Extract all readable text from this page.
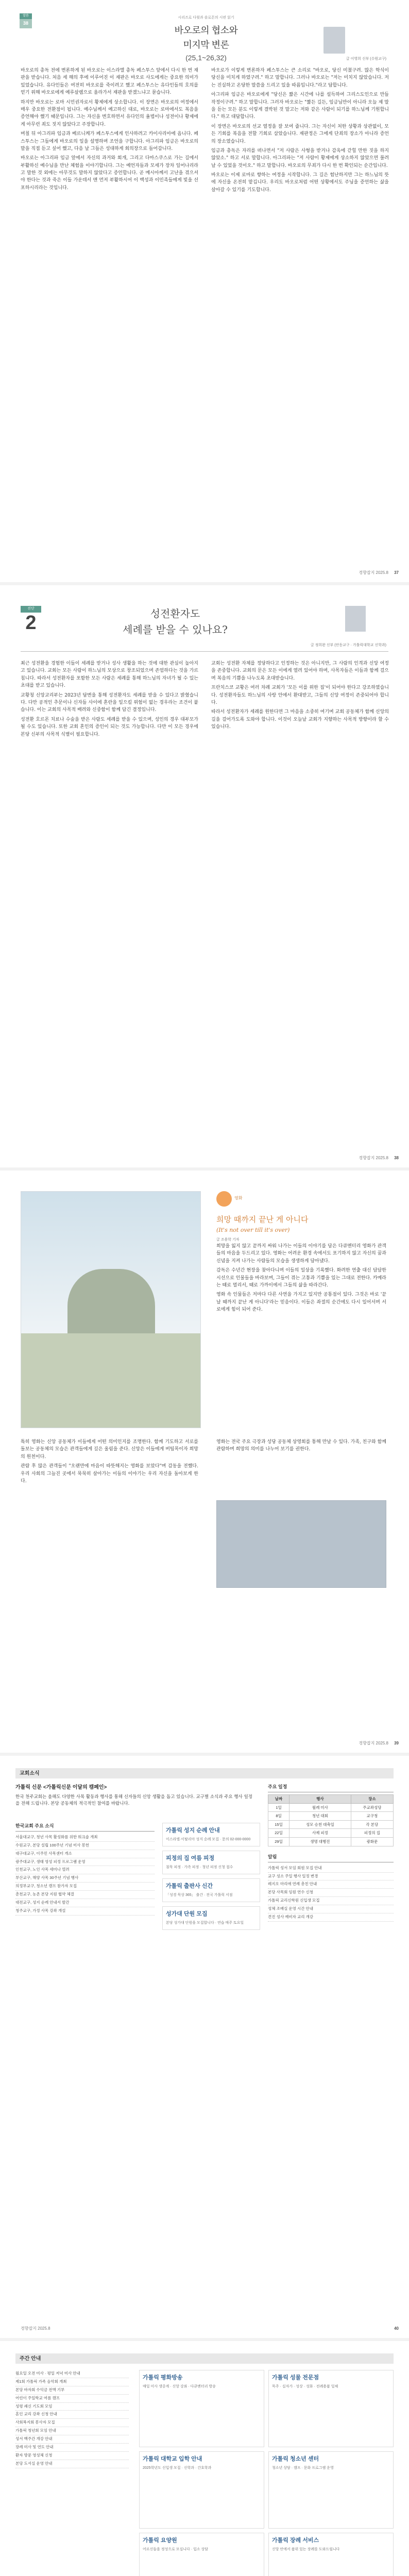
말씀
38
시리즈로 다윗과 솔로몬의 시편 읽기
바오로의 협소와
미지막 변론
(25,1~26,32)	글 이영희 신부 (수원교구)

바오로의 총독 전에 변론하게 된 바오로는 이스라엘 총독 페스투스 앞에서 다시 한 번 재판을 받습니다. 처음 세 해의 후에 이루어진 이 재판은 바오로 사도에게는 중요한 의미가 있었습니다. 유다인들은 여전히 바오로를 죽이려고 했고 페스투스는 유다인들의 호의를 얻기 위해 바오로에게 예루살렘으로 올라가서 재판을 받겠느냐고 묻습니다.

하지만 바오로는 로마 시민권자로서 황제에게 상소합니다. 이 장면은 바오로의 여정에서 매우 중요한 전환점이 됩니다. 예수님께서 예고하신 대로, 바오로는 로마에서도 복음을 증언해야 했기 때문입니다. 그는 자신을 변호하면서 유다인의 율법이나 성전이나 황제에게 아무런 죄도 짓지 않았다고 주장합니다.

며칠 뒤 아그리파 임금과 베르니케가 페스투스에게 인사하려고 카이사리아에 옵니다. 페스투스는 그들에게 바오로의 일을 설명하며 조언을 구합니다. 아그리파 임금은 바오로의 말을 직접 듣고 싶어 했고, 다음 날 그들은 성대하게 회의장으로 들어갑니다.

바오로는 아그리파 임금 앞에서 자신의 과거와 회개, 그리고 다마스쿠스로 가는 길에서 부활하신 예수님을 만난 체험을 이야기합니다. 그는 예언자들과 모세가 장차 일어나리라고 말한 것 외에는 아무것도 말하지 않았다고 증언합니다. 곧 메시아께서 고난을 겪으셔야 한다는 것과 죽은 이들 가운데서 맨 먼저 부활하시어 이 백성과 이민족들에게 빛을 선포하시리라는 것입니다.

바오로가 이렇게 변론하자 페스투스는 큰 소리로 "바오로, 당신 미쳤구려. 많은 학식이 당신을 미치게 하였구려." 하고 말합니다. 그러나 바오로는 "저는 미치지 않았습니다. 저는 진실하고 온당한 말씀을 드리고 있을 따름입니다."라고 답합니다.

아그리파 임금은 바오로에게 "당신은 짧은 시간에 나를 설득하여 그리스도인으로 만들 작정이구려." 하고 말합니다. 그러자 바오로는 "짧든 길든, 임금님만이 아니라 오늘 제 말을 듣는 모든 분도 이렇게 결박된 것 말고는 저와 같은 사람이 되기를 하느님께 기원합니다." 하고 대답합니다.

이 장면은 바오로의 선교 열정을 잘 보여 줍니다. 그는 자신이 처한 상황과 상관없이, 모든 기회를 복음을 전할 기회로 삼았습니다. 재판정은 그에게 단죄의 장소가 아니라 증언의 장소였습니다.

임금과 총독은 자리를 떠나면서 "저 사람은 사형을 받거나 감옥에 갇힐 만한 짓을 하지 않았소." 하고 서로 말합니다. 아그리파는 "저 사람이 황제에게 상소하지 않았으면 풀려날 수 있었을 것이오." 하고 말합니다. 바오로의 무죄가 다시 한 번 확인되는 순간입니다.

바오로는 이제 로마로 향하는 여정을 시작합니다. 그 길은 험난하지만 그는 하느님의 뜻에 자신을 온전히 맡깁니다. 우리도 바오로처럼 어떤 상황에서도 주님을 증언하는 삶을 살아갈 수 있기를 기도합니다.

경향잡지 2025.8 37
진단
2	성전환자도
세례를 받을 수 있나요?
글 정희완 신부 (안동교구 · 가톨릭대학교 신학과)

최근 성전환을 경험한 이들이 세례를 받거나 성사 생활을 하는 것에 대한 관심이 높아지고 있습니다. 교회는 모든 사람이 하느님의 모상으로 창조되었으며 존엄하다는 것을 가르칩니다. 따라서 성전환자를 포함한 모든 사람은 세례를 통해 하느님의 자녀가 될 수 있는 초대를 받고 있습니다.

교황청 신앙교리부는 2023년 답변을 통해 성전환자도 세례를 받을 수 있다고 밝혔습니다. 다만 공적인 추문이나 신자들 사이에 혼란을 일으킬 위험이 없는 경우라는 조건이 붙습니다. 이는 교회의 사목적 배려와 신중함이 함께 담긴 결정입니다.

성전환 호르몬 치료나 수술을 받은 사람도 세례를 받을 수 있으며, 성인의 경우 대부모가 될 수도 있습니다. 또한 교회 혼인의 증인이 되는 것도 가능합니다. 다만 이 모든 경우에 본당 신부의 사목적 식별이 필요합니다.

교회는 성전환 자체를 정당하다고 인정하는 것은 아니지만, 그 사람의 인격과 신앙 여정을 존중합니다. 교회의 문은 모든 이에게 열려 있어야 하며, 사목자들은 이들과 함께 걸으며 복음의 기쁨을 나누도록 초대받습니다.

프란치스코 교황은 여러 차례 교회가 '모든 이를 위한 집'이 되어야 한다고 강조하였습니다. 성전환자들도 하느님의 사랑 안에서 환대받고, 그들의 신앙 여정이 존중되어야 합니다.

따라서 성전환자가 세례를 원한다면 그 마음을 소중히 여기며 교회 공동체가 함께 신앙의 길을 걸어가도록 도와야 합니다. 이것이 오늘날 교회가 지향하는 사목적 방향이라 할 수 있습니다.

경향잡지 2025.8 38
영화
희망 때까지 끝난 게 아니다
(It's not over till it's over)
글 조용학 기자

희망을 잃지 않고 끝까지 싸워 나가는 이들의 이야기를 담은 다큐멘터리 영화가 관객들의 마음을 두드리고 있다. 영화는 어려운 환경 속에서도 포기하지 않고 자신의 꿈과 신념을 지켜 나가는 사람들의 모습을 생생하게 담아냈다.

감독은 수년간 현장을 찾아다니며 이들의 일상을 기록했다. 화려한 연출 대신 담담한 시선으로 인물들을 바라보며, 그들이 겪는 고통과 기쁨을 있는 그대로 전한다. 카메라는 때로 멀리서, 때로 가까이에서 그들의 삶을 따라간다.

영화 속 인물들은 저마다 다른 사연을 가지고 있지만 공통점이 있다. 그것은 바로 '끝날 때까지 끝난 게 아니다'라는 믿음이다. 이들은 좌절의 순간에도 다시 일어서며 서로에게 힘이 되어 준다.

특히 영화는 신앙 공동체가 이들에게 어떤 의미인지를 조명한다. 함께 기도하고 서로를 돌보는 공동체의 모습은 관객들에게 깊은 울림을 준다. 신앙은 이들에게 버팀목이자 희망의 원천이다.

관람 후 많은 관객들이 "오랜만에 마음이 따뜻해지는 영화를 보았다"며 감동을 전했다. 우리 사회의 그늘진 곳에서 묵묵히 살아가는 이들의 이야기는 우리 자신을 돌아보게 한다.

영화는 전국 주요 극장과 성당 공동체 상영회를 통해 만날 수 있다. 가족, 친구와 함께 관람하며 희망의 의미를 나누어 보기를 권한다.

경향잡지 2025.8 39
교회소식
가톨릭 신문 <가톨릭신문 이달의 캠페인>
한국 천주교회는 올해도 다양한 사목 활동과 행사를 통해 신자들의 신앙 생활을 돕고 있습니다. 교구별 소식과 주요 행사 일정을 전해 드립니다. 본당 공동체의 적극적인 참여를 바랍니다.
한국교회 주요 소식
서울대교구, 청년 사목 활성화를 위한 워크숍 개최
수원교구, 본당 설립 100주년 기념 미사 봉헌
대구대교구, 이주민 사목센터 개소
광주대교구, 생태 영성 피정 프로그램 운영
인천교구, 노인 사목 세미나 열려
부산교구, 해양 사목 30주년 기념 행사
의정부교구, 청소년 캠프 참가자 모집
춘천교구, 농촌 본당 지원 협약 체결
대전교구, 성지 순례 안내서 발간
청주교구, 가정 사목 강좌 개설
가톨릭 성지 순례 안내
이스라엘·이탈리아 성지 순례 모집 · 문의 02-000-0000
피정의 집 여름 피정
침묵 피정 · 가족 피정 · 청년 피정 신청 접수
가톨릭 출판사 신간
「성경 묵상 365」 출간 · 전국 가톨릭 서점
성가대 단원 모집
본당 성가대 단원을 모집합니다 · 연습 매주 토요일
주요 일정
날짜	행사	장소
1일	월례 미사	주교좌성당
8일	청년 대회	교구청
15일	성모 승천 대축일	각 본당
22일	사제 피정	피정의 집
29일	생명 대행진	광화문
알림
가톨릭 성서 모임 회원 모집 안내
교구 성소 주일 행사 일정 변경
레지오 마리애 연례 총친 안내
본당 사목회 임원 연수 신청
가톨릭 교리신학원 신입생 모집
성체 조배실 운영 시간 안내
견진 성사 예비자 교리 개강
경향잡지 2025.8	40
주간 안내
월요일 오전 미사 · 평일 저녁 미사 안내
제1회 가톨릭 가족 음악회 개최
본당 바자회 수익금 전액 기부
어린이 주일학교 여름 캠프
성령 쇄신 기도회 모임
혼인 교리 강좌 신청 안내
사회복지회 봉사자 모집
가톨릭 청년회 모임 안내
성서 백주간 개강 안내
장례 미사 및 연도 안내
환자 방문 영성체 신청
본당 도서실 운영 안내
가톨릭 평화방송
매일 미사 생중계 · 신앙 강좌 · 다큐멘터리 방송
가톨릭 성물 전문점
묵주 · 십자가 · 성상 · 성화 · 전례용품 일체
가톨릭 대학교 입학 안내
2025학년도 신입생 모집 · 신학과 · 간호학과
가톨릭 청소년 센터
청소년 상담 · 캠프 · 문화 프로그램 운영
가톨릭 요양원
어르신들을 정성으로 모십니다 · 입소 상담
가톨릭 장례 서비스
신앙 안에서 품위 있는 장례를 도와드립니다
